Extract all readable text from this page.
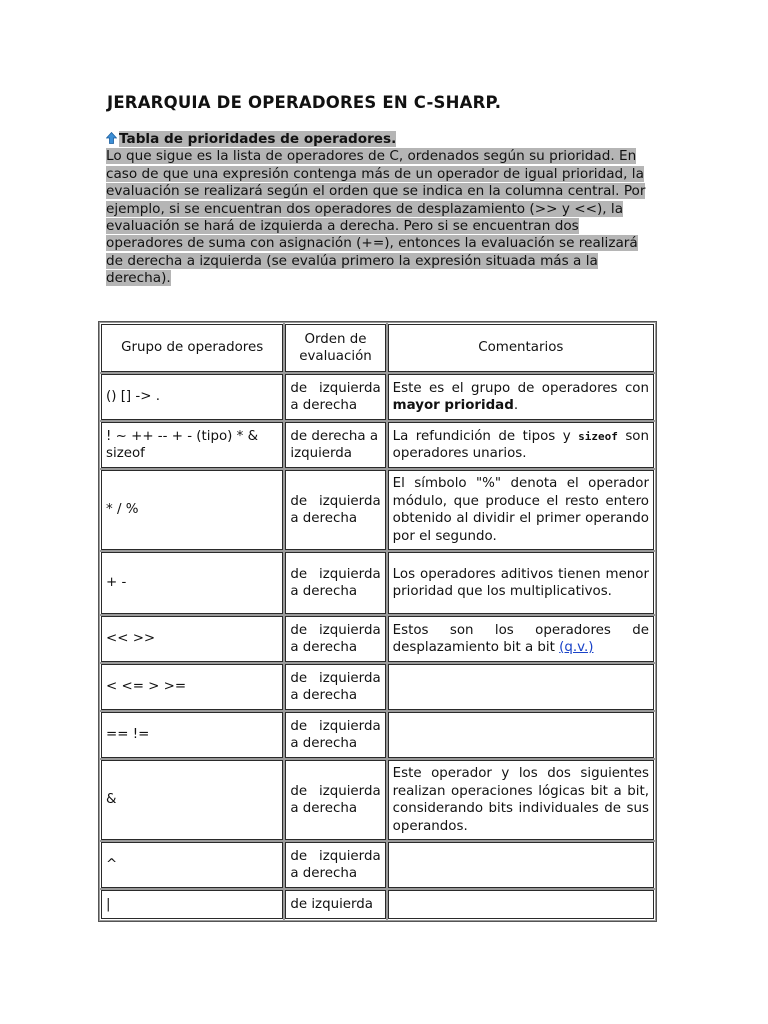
JERARQUIA DE OPERADORES EN C-SHARP.
Tabla de prioridades de operadores.
Lo que sigue es la lista de operadores de C, ordenados según su prioridad. En
caso de que una expresión contenga más de un operador de igual prioridad, la
evaluación se realizará según el orden que se indica en la columna central. Por
ejemplo, si se encuentran dos operadores de desplazamiento (>> y <<), la
evaluación se hará de izquierda a derecha. Pero si se encuentran dos
operadores de suma con asignación (+=), entonces la evaluación se realizará
de derecha a izquierda (se evalúa primero la expresión situada más a la
derecha).
Grupo de operadores	Orden de evaluación	Comentarios
() [] -> .	de izquierda a derecha	Este es el grupo de operadores con mayor prioridad.
! ~ ++ -- + - (tipo) * & sizeof	de derecha a izquierda	La refundición de tipos y sizeof son operadores unarios.
* / %	de izquierda a derecha	El símbolo "%" denota el operador módulo, que produce el resto entero obtenido al dividir el primer operando por el segundo.
+ -	de izquierda a derecha	Los operadores aditivos tienen menor prioridad que los multiplicativos.
<< >>	de izquierda a derecha	Estos son los operadores de desplazamiento bit a bit (q.v.)
< <= > >=	de izquierda a derecha	
== !=	de izquierda a derecha	
&	de izquierda a derecha	Este operador y los dos siguientes realizan operaciones lógicas bit a bit, considerando bits individuales de sus operandos.
^	de izquierda a derecha	
|	de izquierda	
